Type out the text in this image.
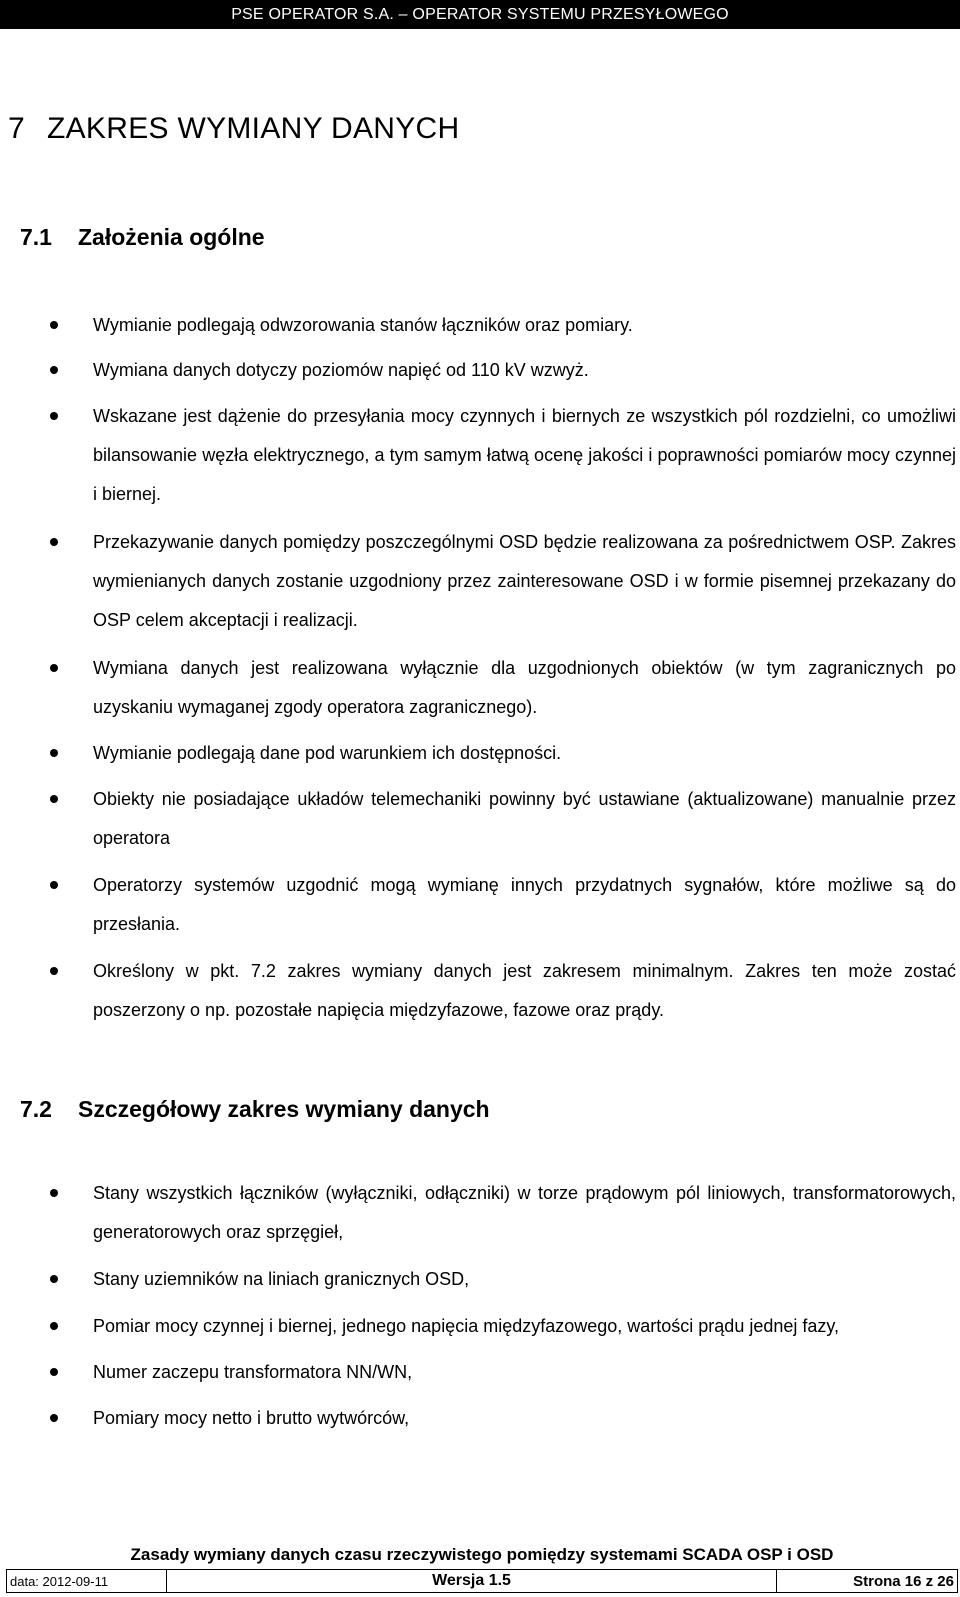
PSE OPERATOR S.A. – OPERATOR SYSTEMU PRZESYŁOWEGO
7 ZAKRES WYMIANY DANYCH
7.1 Założenia ogólne
Wymianie podlegają odwzorowania stanów łączników oraz pomiary.
Wymiana danych dotyczy poziomów napięć od 110 kV wzwyż.
Wskazane jest dążenie do przesyłania mocy czynnych i biernych ze wszystkich pól rozdzielni, co umożliwi bilansowanie węzła elektrycznego, a tym samym łatwą ocenę jakości i poprawności pomiarów mocy czynnej i biernej.
Przekazywanie danych pomiędzy poszczególnymi OSD będzie realizowana za pośrednictwem OSP. Zakres wymienianych danych zostanie uzgodniony przez zainteresowane OSD i w formie pisemnej przekazany do OSP celem akceptacji i realizacji.
Wymiana danych jest realizowana wyłącznie dla uzgodnionych obiektów (w tym zagranicznych po uzyskaniu wymaganej zgody operatora zagranicznego).
Wymianie podlegają dane pod warunkiem ich dostępności.
Obiekty nie posiadające układów telemechaniki powinny być ustawiane (aktualizowane) manualnie przez operatora
Operatorzy systemów uzgodnić mogą wymianę innych przydatnych sygnałów, które możliwe są do przesłania.
Określony w pkt. 7.2 zakres wymiany danych jest zakresem minimalnym. Zakres ten może zostać poszerzony o np. pozostałe napięcia międzyfazowe, fazowe oraz prądy.
7.2 Szczegółowy zakres wymiany danych
Stany wszystkich łączników (wyłączniki, odłączniki) w torze prądowym pól liniowych, transformatorowych, generatorowych oraz sprzęgieł,
Stany uziemników na liniach granicznych OSD,
Pomiar mocy czynnej i biernej, jednego napięcia międzyfazowego, wartości prądu jednej fazy,
Numer zaczepu transformatora NN/WN,
Pomiary mocy netto i brutto wytwórców,
Zasady wymiany danych czasu rzeczywistego pomiędzy systemami SCADA OSP i OSD
data: 2012-09-11	Wersja 1.5	Strona 16 z 26
